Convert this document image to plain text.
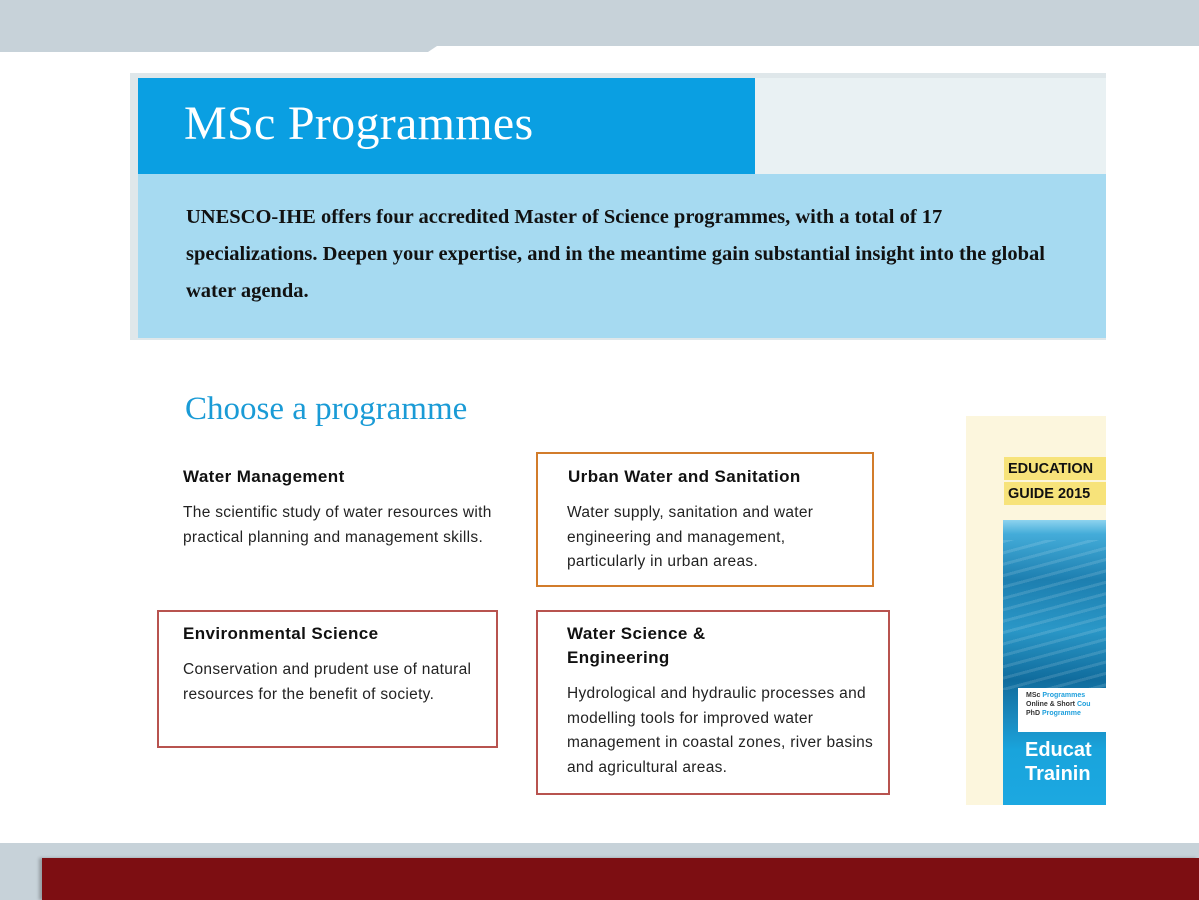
MSc Programmes

UNESCO-IHE offers four accredited Master of Science programmes, with a total of 17 specializations. Deepen your expertise, and in the meantime gain substantial insight into the global water agenda.

Choose a programme
Water Management

The scientific study of water resources with practical planning and management skills.

Urban Water and Sanitation

Water supply, sanitation and water engineering and management, particularly in urban areas.

Environmental Science

Conservation and prudent use of natural resources for the benefit of society.

Water Science & Engineering

Hydrological and hydraulic processes and modelling tools for improved water management in coastal zones, river basins and agricultural areas.

EDUCATION
GUIDE 2015
MSc Programmes
Online & Short Cou
PhD Programme
Educat
Trainin
